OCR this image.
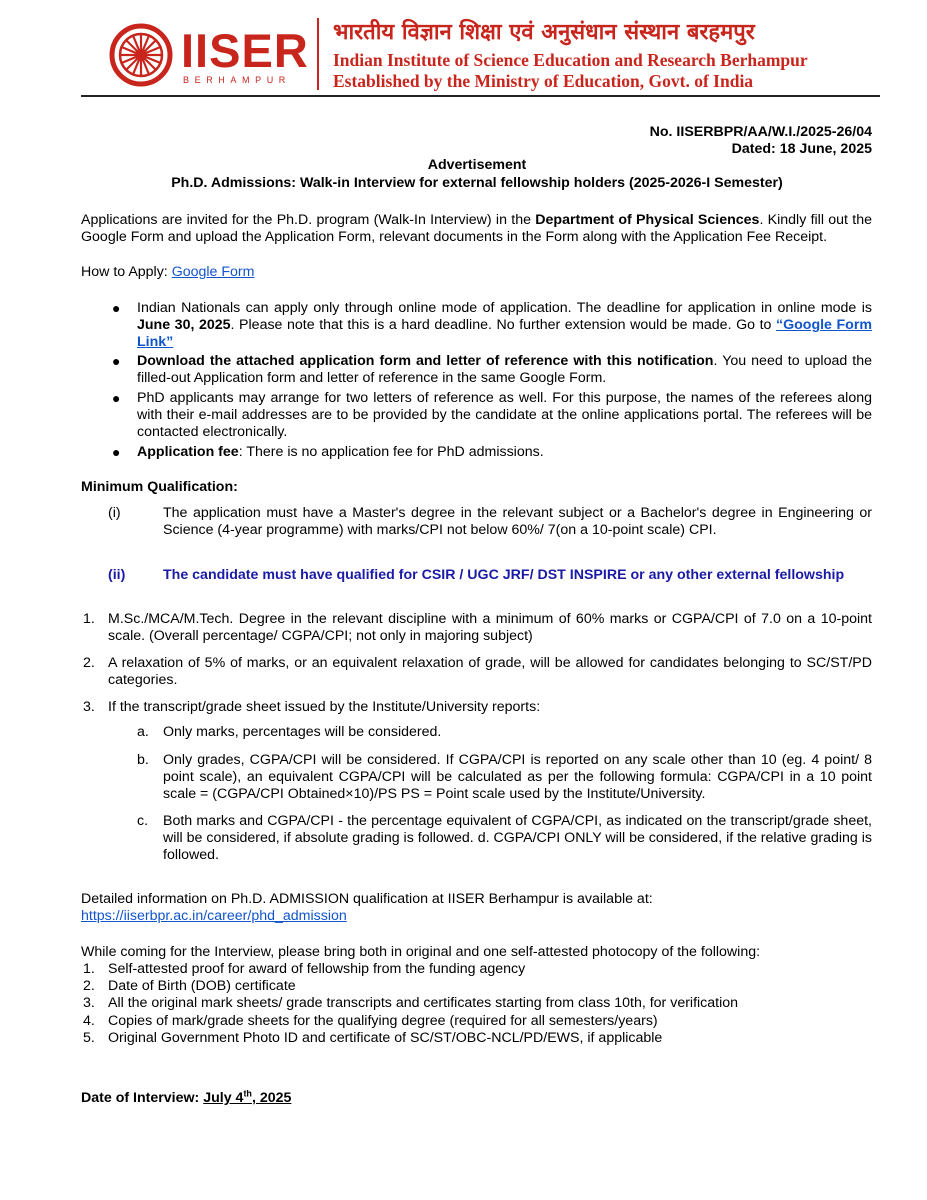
IISER
BERHAMPUR
भारतीय विज्ञान शिक्षा एवं अनुसंधान संस्थान बरहमपुर
Indian Institute of Science Education and Research Berhampur
Established by the Ministry of Education, Govt. of India
No. IISERBPR/AA/W.I./2025-26/04
Dated: 18 June, 2025
Advertisement
Ph.D. Admissions: Walk-in Interview for external fellowship holders (2025-2026-I Semester)
Applications are invited for the Ph.D. program (Walk-In Interview) in the Department of Physical Sciences. Kindly fill out the Google Form and upload the Application Form, relevant documents in the Form along with the Application Fee Receipt.
How to Apply: Google Form
● Indian Nationals can apply only through online mode of application. The deadline for application in online mode is June 30, 2025. Please note that this is a hard deadline. No further extension would be made. Go to “Google Form Link”
● Download the attached application form and letter of reference with this notification. You need to upload the filled-out Application form and letter of reference in the same Google Form.
● PhD applicants may arrange for two letters of reference as well. For this purpose, the names of the referees along with their e-mail addresses are to be provided by the candidate at the online applications portal. The referees will be contacted electronically.
● Application fee: There is no application fee for PhD admissions.
Minimum Qualification:
(i)	The application must have a Master's degree in the relevant subject or a Bachelor's degree in Engineering or Science (4-year programme) with marks/CPI not below 60%/ 7(on a 10-point scale) CPI.
(ii)	The candidate must have qualified for CSIR / UGC JRF/ DST INSPIRE or any other external fellowship
1. M.Sc./MCA/M.Tech. Degree in the relevant discipline with a minimum of 60% marks or CGPA/CPI of 7.0 on a 10-point scale. (Overall percentage/ CGPA/CPI; not only in majoring subject)
2. A relaxation of 5% of marks, or an equivalent relaxation of grade, will be allowed for candidates belonging to SC/ST/PD categories.
3. If the transcript/grade sheet issued by the Institute/University reports:
a. Only marks, percentages will be considered.
b. Only grades, CGPA/CPI will be considered. If CGPA/CPI is reported on any scale other than 10 (eg. 4 point/ 8 point scale), an equivalent CGPA/CPI will be calculated as per the following formula: CGPA/CPI in a 10 point scale = (CGPA/CPI Obtained×10)/PS PS = Point scale used by the Institute/University.
c. Both marks and CGPA/CPI - the percentage equivalent of CGPA/CPI, as indicated on the transcript/grade sheet, will be considered, if absolute grading is followed. d. CGPA/CPI ONLY will be considered, if the relative grading is followed.
Detailed information on Ph.D. ADMISSION qualification at IISER Berhampur is available at:
https://iiserbpr.ac.in/career/phd_admission
While coming for the Interview, please bring both in original and one self-attested photocopy of the following:
1. Self-attested proof for award of fellowship from the funding agency
2. Date of Birth (DOB) certificate
3. All the original mark sheets/ grade transcripts and certificates starting from class 10th, for verification
4. Copies of mark/grade sheets for the qualifying degree (required for all semesters/years)
5. Original Government Photo ID and certificate of SC/ST/OBC-NCL/PD/EWS, if applicable
Date of Interview: July 4th, 2025
